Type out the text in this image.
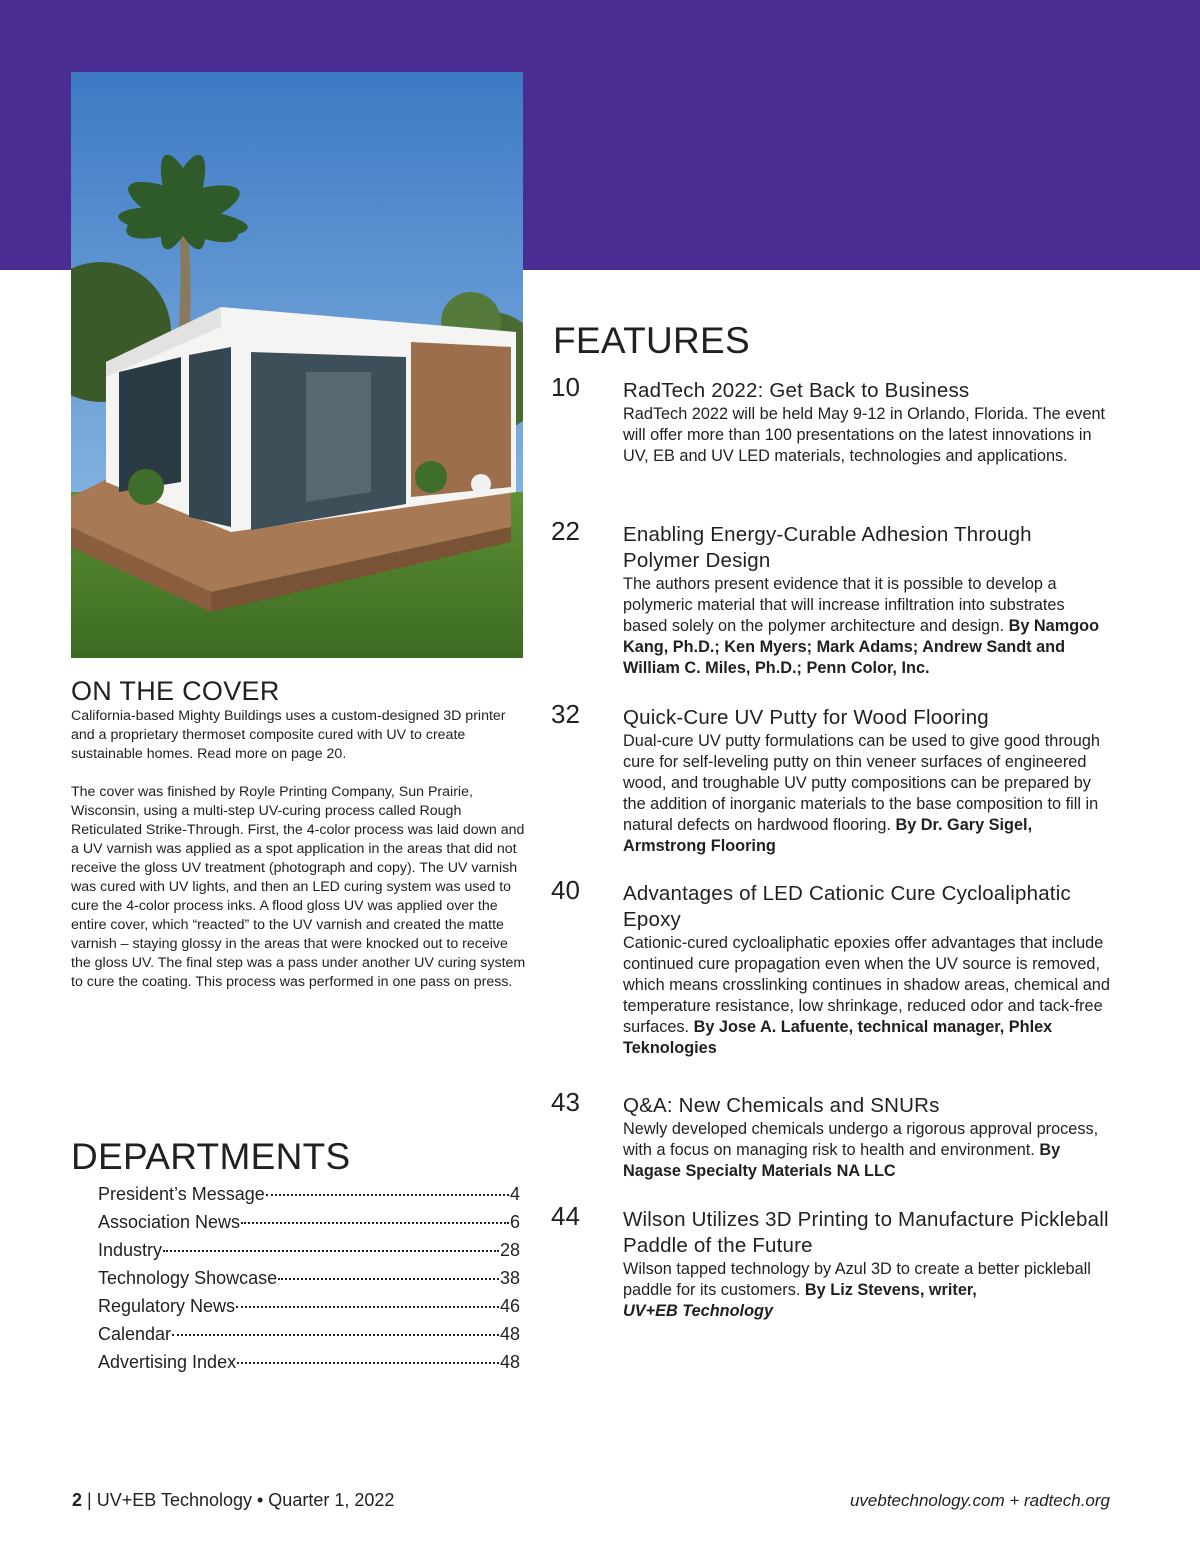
ON THE COVER

California-based Mighty Buildings uses a custom-designed 3D printer and a proprietary thermoset composite cured with UV to create sustainable homes. Read more on page 20.

The cover was finished by Royle Printing Company, Sun Prairie, Wisconsin, using a multi-step UV-curing process called Rough Reticulated Strike-Through. First, the 4-color process was laid down and a UV varnish was applied as a spot application in the areas that did not receive the gloss UV treatment (photograph and copy). The UV varnish was cured with UV lights, and then an LED curing system was used to cure the 4-color process inks. A flood gloss UV was applied over the entire cover, which “reacted” to the UV varnish and created the matte varnish – staying glossy in the areas that were knocked out to receive the gloss UV. The final step was a pass under another UV curing system to cure the coating. This process was performed in one pass on press.

DEPARTMENTS
President’s Message	4
Association News	6
Industry	28
Technology Showcase	38
Regulatory News	46
Calendar	48
Advertising Index	48
FEATURES
10 RadTech 2022: Get Back to Business

RadTech 2022 will be held May 9-12 in Orlando, Florida. The event will offer more than 100 presentations on the latest innovations in UV, EB and UV LED materials, technologies and applications.

22 Enabling Energy-Curable Adhesion Through Polymer Design

The authors present evidence that it is possible to develop a polymeric material that will increase infiltration into substrates based solely on the polymer architecture and design. By Namgoo Kang, Ph.D.; Ken Myers; Mark Adams; Andrew Sandt and William C. Miles, Ph.D.; Penn Color, Inc.

32 Quick-Cure UV Putty for Wood Flooring

Dual-cure UV putty formulations can be used to give good through cure for self-leveling putty on thin veneer surfaces of engineered wood, and troughable UV putty compositions can be prepared by the addition of inorganic materials to the base composition to fill in natural defects on hardwood flooring. By Dr. Gary Sigel, Armstrong Flooring

40 Advantages of LED Cationic Cure Cycloaliphatic Epoxy

Cationic-cured cycloaliphatic epoxies offer advantages that include continued cure propagation even when the UV source is removed, which means crosslinking continues in shadow areas, chemical and temperature resistance, low shrinkage, reduced odor and tack-free surfaces. By Jose A. Lafuente, technical manager, Phlex Teknologies

43 Q&A: New Chemicals and SNURs

Newly developed chemicals undergo a rigorous approval process, with a focus on managing risk to health and environment. By Nagase Specialty Materials NA LLC

44 Wilson Utilizes 3D Printing to Manufacture Pickleball Paddle of the Future

Wilson tapped technology by Azul 3D to create a better pickleball paddle for its customers. By Liz Stevens, writer,
UV+EB Technology

2 | UV+EB Technology • Quarter 1, 2022	uvebtechnology.com + radtech.org
